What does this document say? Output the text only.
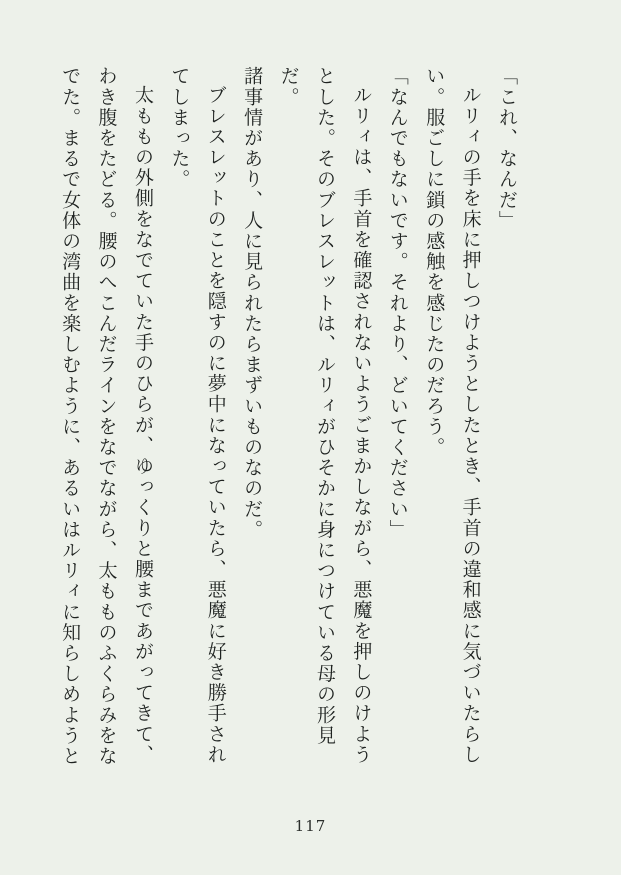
「これ、なんだ」

ルリィの手を床に押しつけようとしたとき、手首の違和感に気づいたらし

い。服ごしに鎖の感触を感じたのだろう。

「なんでもないです。それより、どいてください」

ルリィは、手首を確認されないようごまかしながら、悪魔を押しのけよう

とした。そのブレスレットは、ルリィがひそかに身につけている母の形見だ。

諸事情があり、人に見られたらまずいものなのだ。

ブレスレットのことを隠すのに夢中になっていたら、悪魔に好き勝手され

てしまった。

太ももの外側をなでていた手のひらが、ゆっくりと腰まであがってきて、

わき腹をたどる。腰のへこんだラインをなでながら、太もものふくらみをな

でた。まるで女体の湾曲を楽しむように、あるいはルリィに知らしめようと

117
